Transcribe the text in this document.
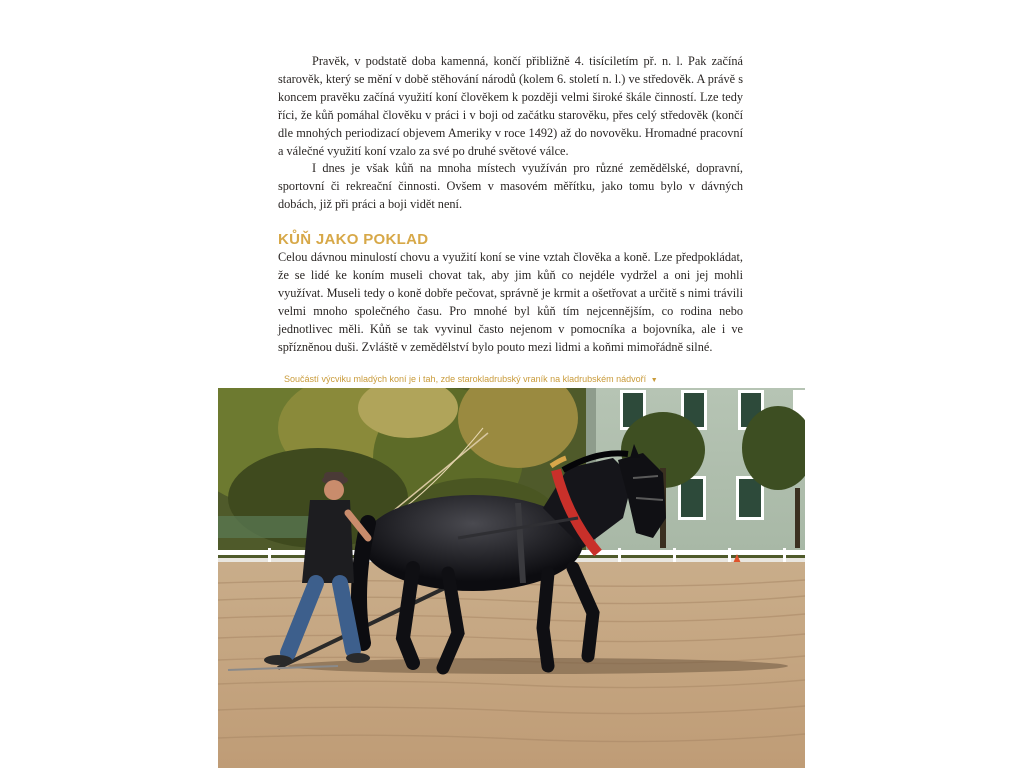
Pravěk, v podstatě doba kamenná, končí přibližně 4. tisíciletím př. n. l. Pak začíná starověk, který se mění v době stěhování národů (kolem 6. století n. l.) ve středověk. A právě s koncem pravěku začíná využití koní člověkem k později velmi široké škále činností. Lze tedy říci, že kůň pomáhal člověku v práci i v boji od začátku starověku, přes celý středověk (končí dle mnohých periodizací objevem Ameriky v roce 1492) až do novověku. Hromadné pracovní a válečné využití koní vzalo za své po druhé světové válce.

I dnes je však kůň na mnoha místech využíván pro různé zemědělské, dopravní, sportovní či rekreační činnosti. Ovšem v masovém měřítku, jako tomu bylo v dávných dobách, již při práci a boji vidět není.

KŮŇ JAKO POKLAD

Celou dávnou minulostí chovu a využití koní se vine vztah člověka a koně. Lze předpokládat, že se lidé ke koním museli chovat tak, aby jim kůň co nejdéle vydržel a oni jej mohli využívat. Museli tedy o koně dobře pečovat, správně je krmit a ošetřovat a určitě s nimi trávili velmi mnoho společného času. Pro mnohé byl kůň tím nejcennějším, co rodina nebo jednotlivec měli. Kůň se tak vyvinul často nejenom v pomocníka a bojovníka, ale i ve spřízněnou duši. Zvláště v zemědělství bylo pouto mezi lidmi a koňmi mimořádně silné.

Součástí výcviku mladých koní je i tah, zde starokladrubský vraník na kladrubském nádvoří ▼
